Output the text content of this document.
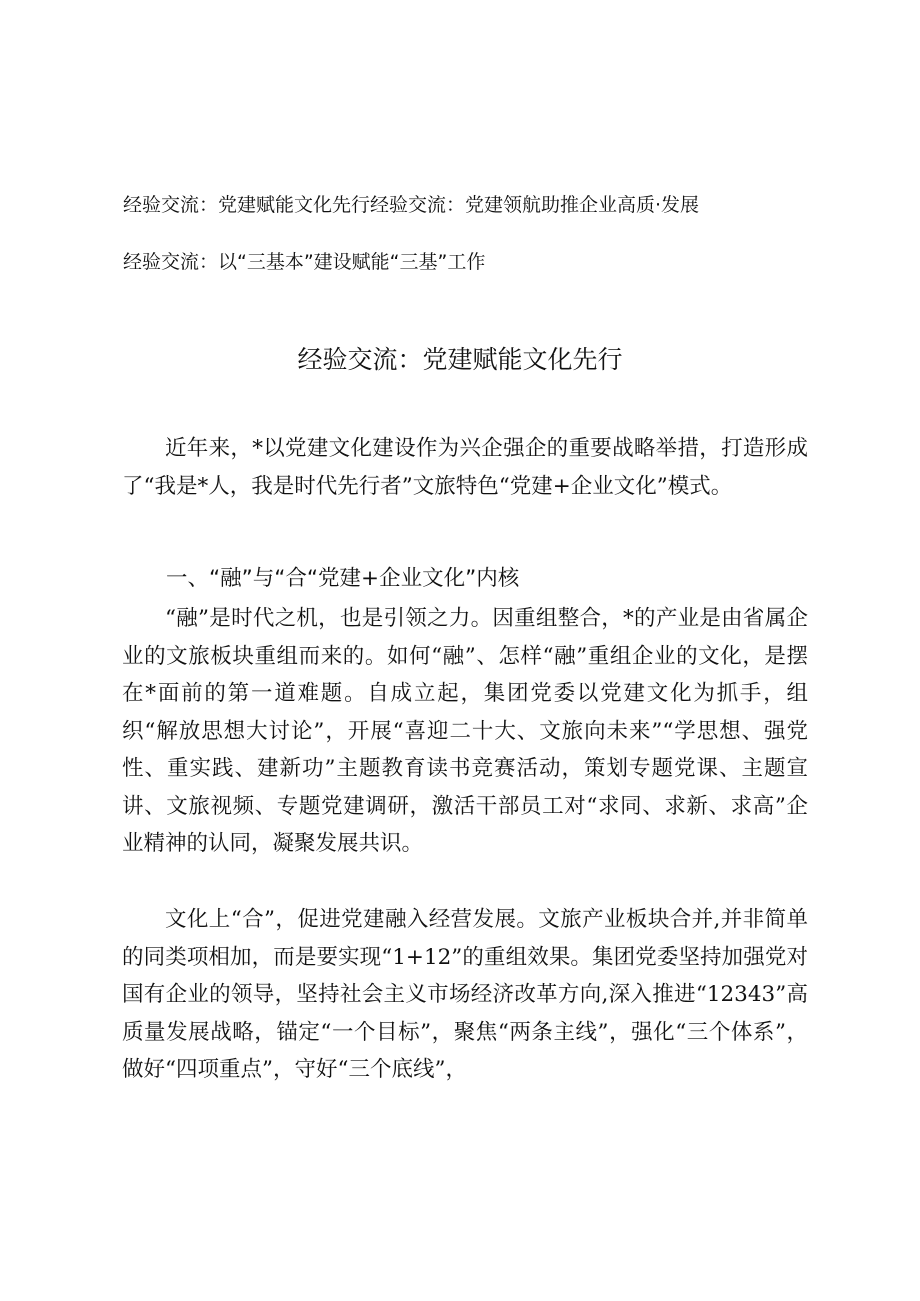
经验交流：党建赋能文化先行经验交流：党建领航助推企业高质·发展
经验交流：以“三基本”建设赋能“三基”工作
经验交流：党建赋能文化先行

近年来，*以党建文化建设作为兴企强企的重要战略举措，打造形成了“我是*人，我是时代先行者”文旅特色“党建+企业文化”模式。

一、“融”与“合“党建+企业文化”内核

“融”是时代之机，也是引领之力。因重组整合，*的产业是由省属企业的文旅板块重组而来的。如何“融”、怎样“融”重组企业的文化，是摆在*面前的第一道难题。自成立起，集团党委以党建文化为抓手，组织“解放思想大讨论”，开展“喜迎二十大、文旅向未来”“学思想、强党性、重实践、建新功”主题教育读书竞赛活动，策划专题党课、主题宣讲、文旅视频、专题党建调研，激活干部员工对“求同、求新、求高”企业精神的认同，凝聚发展共识。

文化上“合”，促进党建融入经营发展。文旅产业板块合并,并非简单的同类项相加，而是要实现“1+12”的重组效果。集团党委坚持加强党对国有企业的领导，坚持社会主义市场经济改革方向,深入推进“12343”高质量发展战略，锚定“一个目标”，聚焦“两条主线”，强化“三个体系”，做好“四项重点”，守好“三个底线”，
